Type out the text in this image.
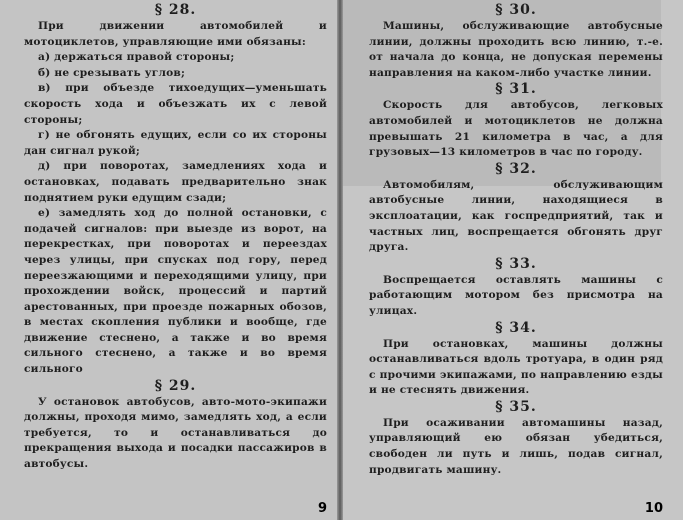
§ 28.

При движении автомобилей и мотоциклетов, управляющие ими обязаны:

а) держаться правой стороны;

б) не срезывать углов;

в) при объезде тихоедущих—уменьшать скорость хода и объезжать их с левой стороны;

г) не обгонять едущих, если со их стороны дан сигнал рукой;

д) при поворотах, замедлениях хода и остановках, подавать предварительно знак поднятием руки едущим сзади;

е) замедлять ход до полной остановки, с подачей сигналов: при выезде из ворот, на перекрестках, при поворотах и переездах через улицы, при спусках под гору, перед переезжающими и переходящими улицу, при прохождении войск, процессий и партий арестованных, при проезде пожарных обозов, в местах скопления публики и вообще, где движение стеснено, а также и во время сильного стеснено, а также и во время сильного

§ 29.

У остановок автобусов, авто-мото-экипажи должны, проходя мимо, замедлять ход, а если требуется, то и останавливаться до прекращения выхода и посадки пассажиров в автобусы.

9

§ 30.

Машины, обслуживающие автобусные линии, должны проходить всю линию, т.-е. от начала до конца, не допуская перемены направления на каком-либо участке линии.

§ 31.

Скорость для автобусов, легковых автомобилей и мотоциклетов не должна превышать 21 километра в час, а для грузовых—13 километров в час по городу.

§ 32.

Автомобилям, обслуживающим автобусные линии, находящиеся в эксплоатации, как госпредприятий, так и частных лиц, воспрещается обгонять друг друга.

§ 33.

Воспрещается оставлять машины с работающим мотором без присмотра на улицах.

§ 34.

При остановках, машины должны останавливаться вдоль тротуара, в один ряд с прочими экипажами, по направлению езды и не стеснять движения.

§ 35.

При осаживании автомашины назад, управляющий ею обязан убедиться, свободен ли путь и лишь, подав сигнал, продвигать машину.

10
